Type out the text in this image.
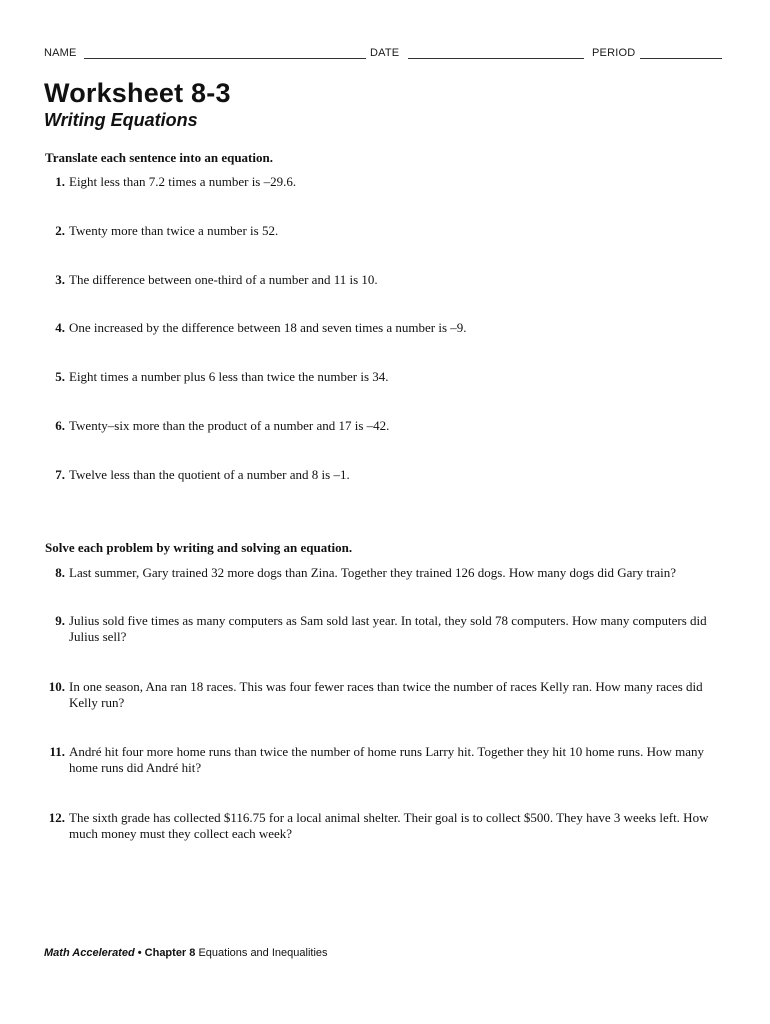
NAME	DATE	PERIOD
Worksheet 8-3
Writing Equations
Translate each sentence into an equation.
1. Eight less than 7.2 times a number is –29.6.
2. Twenty more than twice a number is 52.
3. The difference between one-third of a number and 11 is 10.
4. One increased by the difference between 18 and seven times a number is –9.
5. Eight times a number plus 6 less than twice the number is 34.
6. Twenty–six more than the product of a number and 17 is –42.
7. Twelve less than the quotient of a number and 8 is –1.
Solve each problem by writing and solving an equation.
8. Last summer, Gary trained 32 more dogs than Zina. Together they trained 126 dogs. How many dogs did Gary train?
9. Julius sold five times as many computers as Sam sold last year. In total, they sold 78 computers. How many computers did Julius sell?
10. In one season, Ana ran 18 races. This was four fewer races than twice the number of races Kelly ran. How many races did Kelly run?
11. André hit four more home runs than twice the number of home runs Larry hit. Together they hit 10 home runs. How many home runs did André hit?
12. The sixth grade has collected $116.75 for a local animal shelter. Their goal is to collect $500. They have 3 weeks left. How much money must they collect each week?
Math Accelerated • Chapter 8 Equations and Inequalities
